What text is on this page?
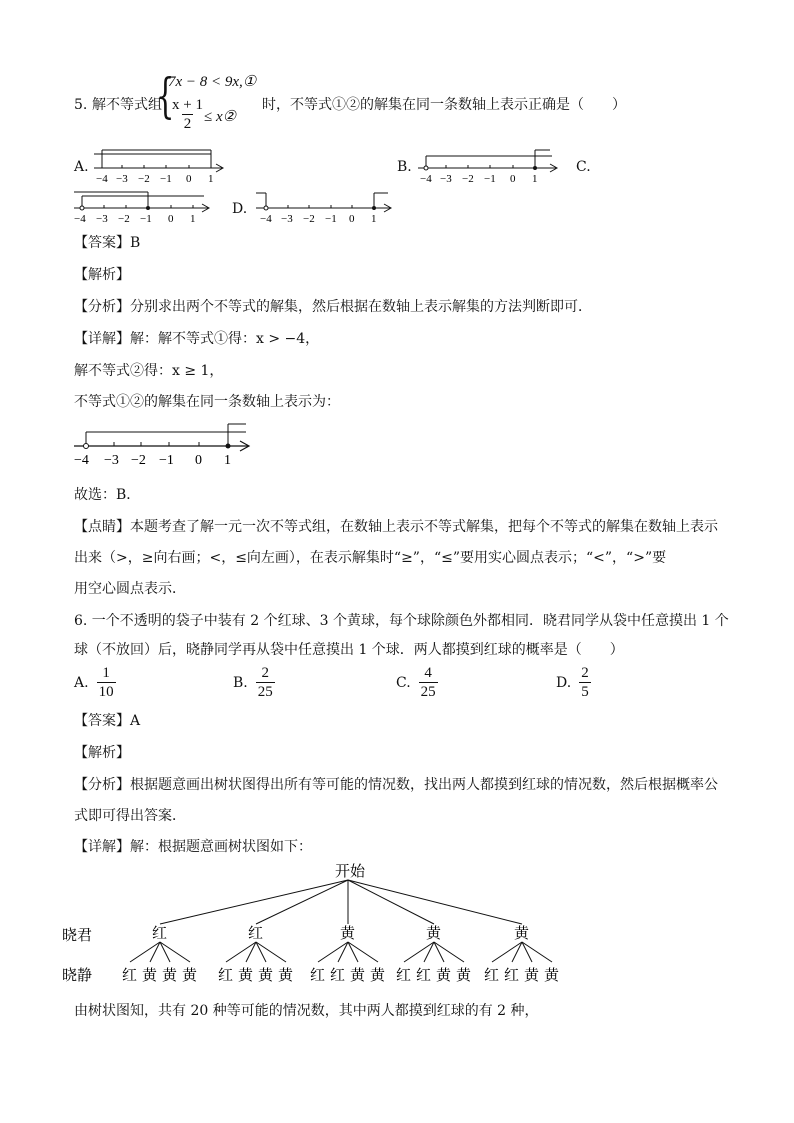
5. 解不等式组
{
7x − 8 < 9x,①
$\frac{x + 1}{2}$ ≤ x②
时，不等式①②的解集在同一条数轴上表示正确是（　　）
A.	B.	C.
D.
−4 −3 −2 −1 0 1	−4 −3 −2 −1 0 1
−4 −3 −2 −1 0 1	−4 −3 −2 −1 0 1
【答案】B
【解析】
【分析】分别求出两个不等式的解集，然后根据在数轴上表示解集的方法判断即可．
【详解】解：解不等式①得：x > −4，
解不等式②得：x ≥ 1，
不等式①②的解集在同一条数轴上表示为：
−4 −3 −2 −1 0 1
故选：B．
【点睛】本题考查了解一元一次不等式组，在数轴上表示不等式解集，把每个不等式的解集在数轴上表示
出来（>，≥向右画；<，≤向左画），在表示解集时“≥”，“≤”要用实心圆点表示；“<”，“>”要
用空心圆点表示．
6. 一个不透明的袋子中装有 2 个红球、3 个黄球，每个球除颜色外都相同．晓君同学从袋中任意摸出 1 个
球（不放回）后，晓静同学再从袋中任意摸出 1 个球．两人都摸到红球的概率是（　　）
A. $\frac{1}{10}$	B. $\frac{2}{25}$	C. $\frac{4}{25}$	D. $\frac{2}{5}$
【答案】A
【解析】
【分析】根据题意画出树状图得出所有等可能的情况数，找出两人都摸到红球的情况数，然后根据概率公
式即可得出答案．
【详解】解：根据题意画树状图如下：
开始
晓君
晓静
红	红	黄	黄	黄
红 黄 黄 黄 红 黄 黄 黄 红 红 黄 黄 红 红 黄 黄 红 红 黄 黄
由树状图知，共有 20 种等可能的情况数，其中两人都摸到红球的有 2 种，
